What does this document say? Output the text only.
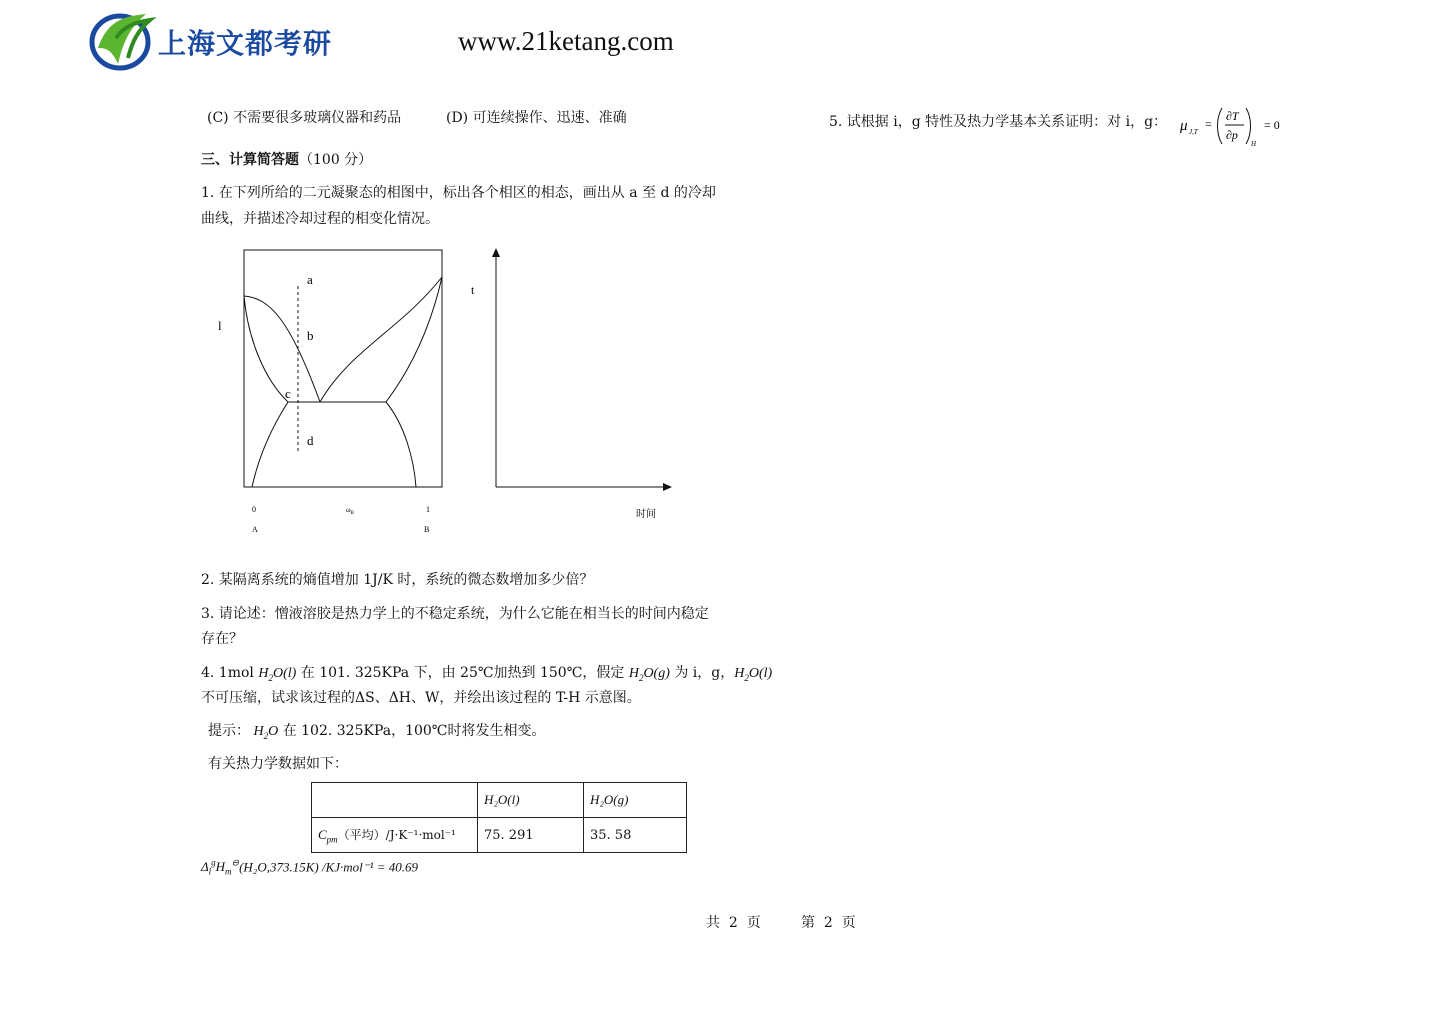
上海文都考研	www.21ketang.com
(C) 不需要很多玻璃仪器和药品	(D) 可连续操作、迅速、准确
三、计算简答题（100 分）
1. 在下列所给的二元凝聚态的相图中，标出各个相区的相态，画出从 a 至 d 的冷却
曲线，并描述冷却过程的相变化情况。
l
a
b
c
d
0	$\omega_B$	1
A	B
t
时间
2. 某隔离系统的熵值增加 1J/K 时，系统的微态数增加多少倍？
3. 请论述：憎液溶胶是热力学上的不稳定系统，为什么它能在相当长的时间内稳定
存在？
4. 1mol $H_2O(l)$ 在 101. 325KPa 下，由 25℃加热到 150℃，假定 $H_2O(g)$ 为 i，g，$H_2O(l)$
不可压缩，试求该过程的ΔS、ΔH、W，并绘出该过程的 T-H 示意图。
提示： $H_2O$ 在 102. 325KPa，100℃时将发生相变。
有关热力学数据如下：
	H₂O(l)	H₂O(g)
$C_{pm}$（平均）/J·K⁻¹·mol⁻¹	75. 291	35. 58
$\Delta_l^gH_m^⊖(H_2O,373.15K) /KJ\cdot mol^{-1} = 40.69$
5. 试根据 i，g 特性及热力学基本关系证明：对 i，g： μ J,T
=
∂T
∂p
H
= 0
共  2  页	第  2  页
